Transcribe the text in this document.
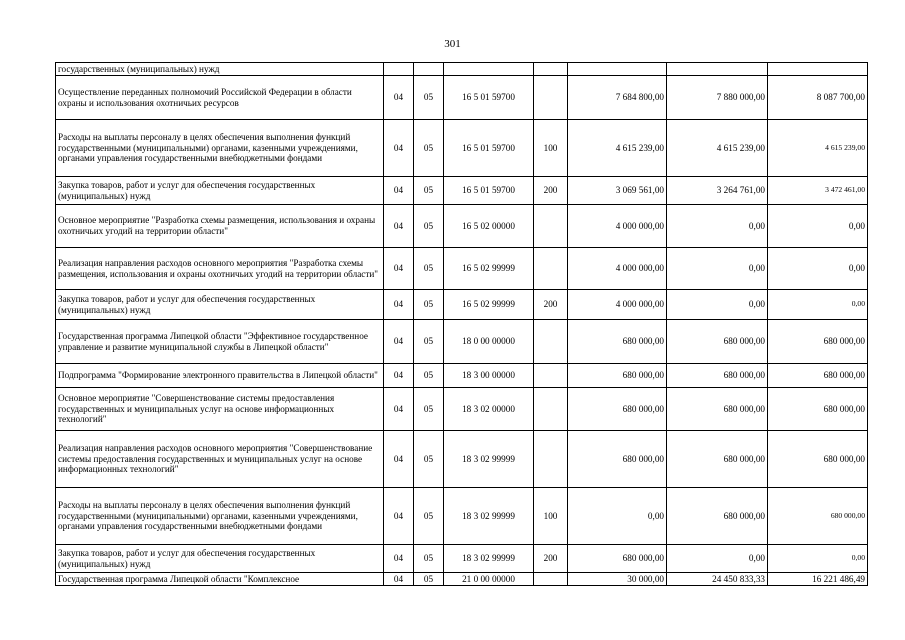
301
государственных (муниципальных) нужд							
Осуществление переданных полномочий Российской Федерации в области охраны и использования охотничьих ресурсов	04	05	16 5 01 59700		7 684 800,00	7 880 000,00	8 087 700,00
Расходы на выплаты персоналу в целях обеспечения выполнения функций государственными (муниципальными) органами, казенными учреждениями, органами управления государственными внебюджетными фондами	04	05	16 5 01 59700	100	4 615 239,00	4 615 239,00	4 615 239,00
Закупка товаров, работ и услуг для обеспечения государственных (муниципальных) нужд	04	05	16 5 01 59700	200	3 069 561,00	3 264 761,00	3 472 461,00
Основное мероприятие "Разработка схемы размещения, использования и охраны охотничьих угодий на территории области"	04	05	16 5 02 00000		4 000 000,00	0,00	0,00
Реализация направления расходов основного мероприятия "Разработка схемы размещения, использования и охраны охотничьих угодий на территории области"	04	05	16 5 02 99999		4 000 000,00	0,00	0,00
Закупка товаров, работ и услуг для обеспечения государственных (муниципальных) нужд	04	05	16 5 02 99999	200	4 000 000,00	0,00	0,00
Государственная программа Липецкой области "Эффективное государственное управление и развитие муниципальной службы в Липецкой области"	04	05	18 0 00 00000		680 000,00	680 000,00	680 000,00
Подпрограмма "Формирование электронного правительства в Липецкой области"	04	05	18 3 00 00000		680 000,00	680 000,00	680 000,00
Основное мероприятие "Совершенствование системы предоставления государственных и муниципальных услуг на основе информационных технологий"	04	05	18 3 02 00000		680 000,00	680 000,00	680 000,00
Реализация направления расходов основного мероприятия "Совершенствование системы предоставления государственных и муниципальных услуг на основе информационных технологий"	04	05	18 3 02 99999		680 000,00	680 000,00	680 000,00
Расходы на выплаты персоналу в целях обеспечения выполнения функций государственными (муниципальными) органами, казенными учреждениями, органами управления государственными внебюджетными фондами	04	05	18 3 02 99999	100	0,00	680 000,00	680 000,00
Закупка товаров, работ и услуг для обеспечения государственных (муниципальных) нужд	04	05	18 3 02 99999	200	680 000,00	0,00	0,00
Государственная программа Липецкой области "Комплексное	04	05	21 0 00 00000		30 000,00	24 450 833,33	16 221 486,49
